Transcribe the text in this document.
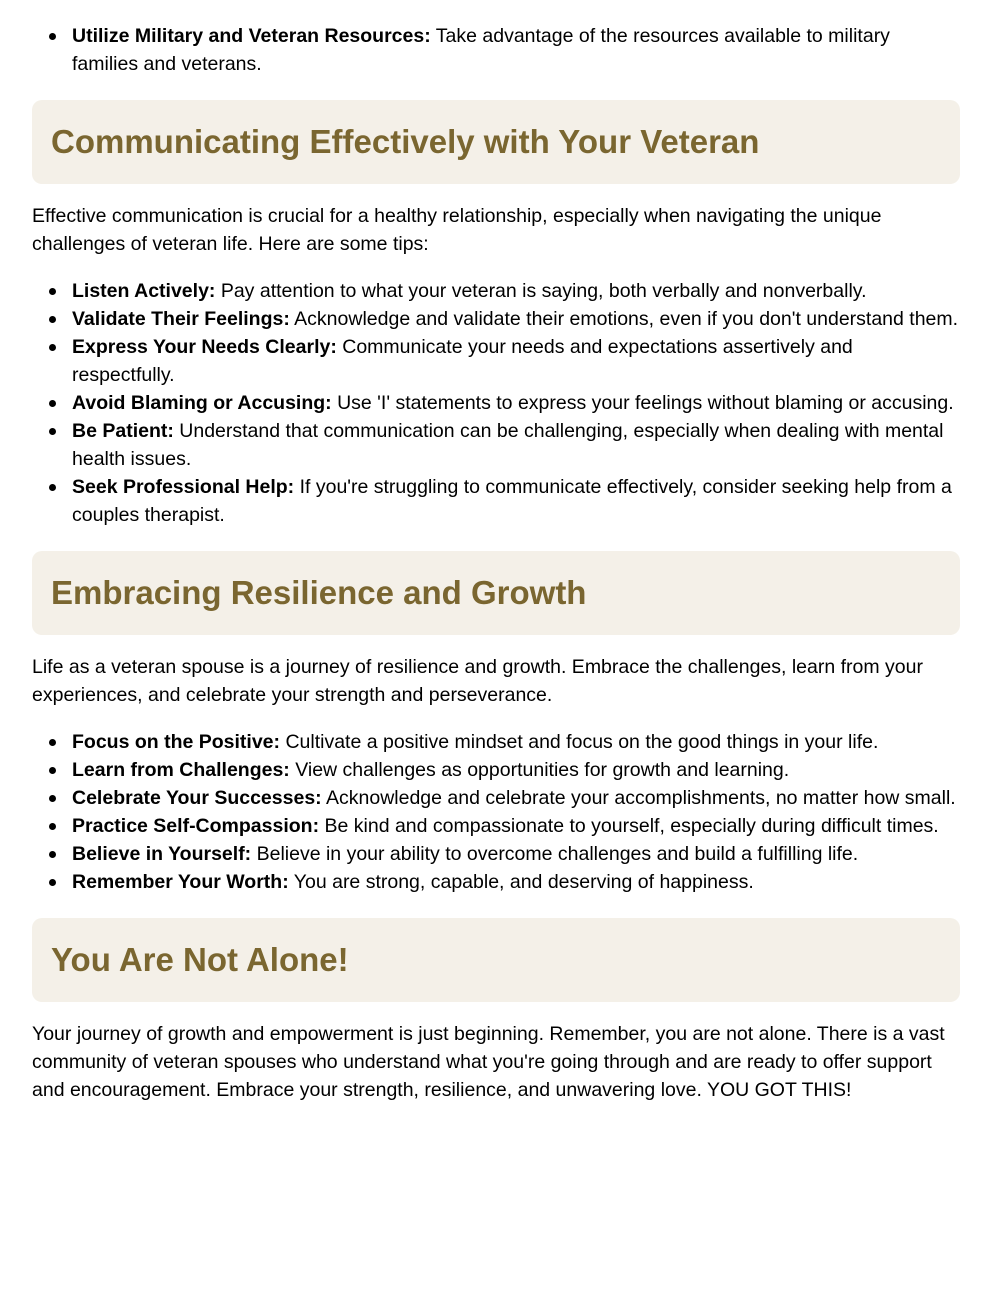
Utilize Military and Veteran Resources: Take advantage of the resources available to military families and veterans.
Communicating Effectively with Your Veteran

Effective communication is crucial for a healthy relationship, especially when navigating the unique challenges of veteran life. Here are some tips:

Listen Actively: Pay attention to what your veteran is saying, both verbally and nonverbally.
Validate Their Feelings: Acknowledge and validate their emotions, even if you don't understand them.
Express Your Needs Clearly: Communicate your needs and expectations assertively and respectfully.
Avoid Blaming or Accusing: Use 'I' statements to express your feelings without blaming or accusing.
Be Patient: Understand that communication can be challenging, especially when dealing with mental health issues.
Seek Professional Help: If you're struggling to communicate effectively, consider seeking help from a couples therapist.
Embracing Resilience and Growth

Life as a veteran spouse is a journey of resilience and growth. Embrace the challenges, learn from your experiences, and celebrate your strength and perseverance.

Focus on the Positive: Cultivate a positive mindset and focus on the good things in your life.
Learn from Challenges: View challenges as opportunities for growth and learning.
Celebrate Your Successes: Acknowledge and celebrate your accomplishments, no matter how small.
Practice Self-Compassion: Be kind and compassionate to yourself, especially during difficult times.
Believe in Yourself: Believe in your ability to overcome challenges and build a fulfilling life.
Remember Your Worth: You are strong, capable, and deserving of happiness.
You Are Not Alone!

Your journey of growth and empowerment is just beginning. Remember, you are not alone. There is a vast community of veteran spouses who understand what you're going through and are ready to offer support and encouragement. Embrace your strength, resilience, and unwavering love. YOU GOT THIS!
